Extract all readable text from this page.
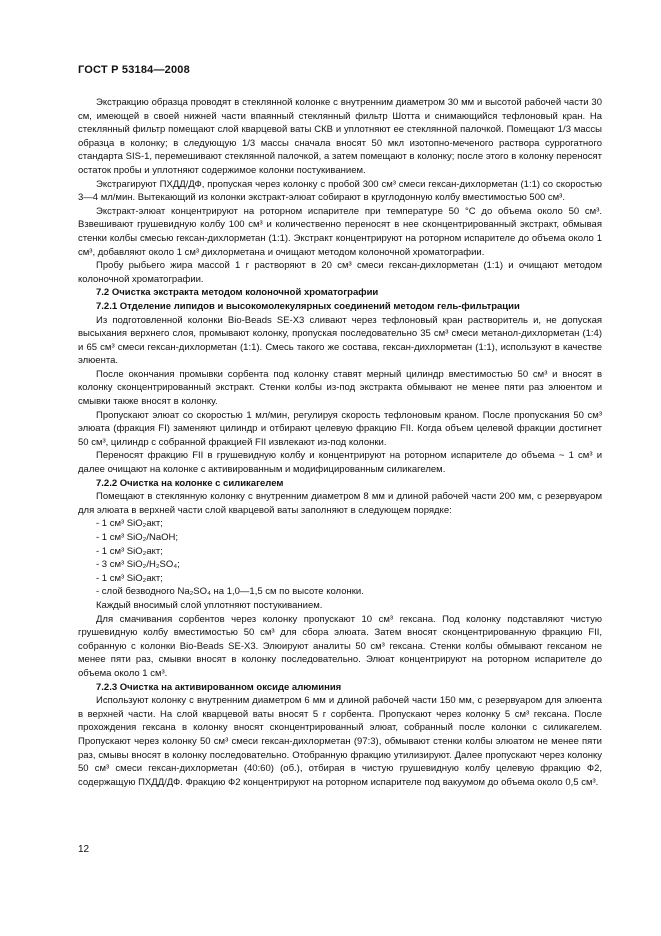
ГОСТ Р 53184—2008

Экстракцию образца проводят в стеклянной колонке с внутренним диаметром 30 мм и высотой рабочей части 30 см, имеющей в своей нижней части впаянный стеклянный фильтр Шотта и снимающийся тефлоновый кран. На стеклянный фильтр помещают слой кварцевой ваты СКВ и уплотняют ее стеклянной палочкой. Помещают 1/3 массы образца в колонку; в следующую 1/3 массы сначала вносят 50 мкл изотопно-меченого раствора суррогатного стандарта SIS-1, перемешивают стеклянной палочкой, а затем помещают в колонку; после этого в колонку переносят остаток пробы и уплотняют содержимое колонки постукиванием.

Экстрагируют ПХДД/ДФ, пропуская через колонку с пробой 300 см³ смеси гексан-дихлорметан (1:1) со скоростью 3—4 мл/мин. Вытекающий из колонки экстракт-элюат собирают в круглодонную колбу вместимостью 500 см³.

Экстракт-элюат концентрируют на роторном испарителе при температуре 50 °С до объема около 50 см³. Взвешивают грушевидную колбу 100 см³ и количественно переносят в нее сконцентрированный экстракт, обмывая стенки колбы смесью гексан-дихлорметан (1:1). Экстракт концентрируют на роторном испарителе до объема около 1 см³, добавляют около 1 см³ дихлорметана и очищают методом колоночной хроматографии.

Пробу рыбьего жира массой 1 г растворяют в 20 см³ смеси гексан-дихлорметан (1:1) и очищают методом колоночной хроматографии.

7.2 Очистка экстракта методом колоночной хроматографии

7.2.1 Отделение липидов и высокомолекулярных соединений методом гель-фильтрации

Из подготовленной колонки Bio-Beads SE-X3 сливают через тефлоновый кран растворитель и, не допуская высыхания верхнего слоя, промывают колонку, пропуская последовательно 35 см³ смеси метанол-дихлорметан (1:4) и 65 см³ смеси гексан-дихлорметан (1:1). Смесь такого же состава, гексан-дихлорметан (1:1), используют в качестве элюента.

После окончания промывки сорбента под колонку ставят мерный цилиндр вместимостью 50 см³ и вносят в колонку сконцентрированный экстракт. Стенки колбы из-под экстракта обмывают не менее пяти раз элюентом и смывки также вносят в колонку.

Пропускают элюат со скоростью 1 мл/мин, регулируя скорость тефлоновым краном. После пропускания 50 см³ элюата (фракция FI) заменяют цилиндр и отбирают целевую фракцию FII. Когда объем целевой фракции достигнет 50 см³, цилиндр с собранной фракцией FII извлекают из-под колонки.

Переносят фракцию FII в грушевидную колбу и концентрируют на роторном испарителе до объема ~ 1 см³ и далее очищают на колонке с активированным и модифицированным силикагелем.

7.2.2 Очистка на колонке с силикагелем

Помещают в стеклянную колонку с внутренним диаметром 8 мм и длиной рабочей части 200 мм, с резервуаром для элюата в верхней части слой кварцевой ваты заполняют в следующем порядке:

- 1 см³ SiO₂акт;

- 1 см³ SiO₂/NaOH;

- 1 см³ SiO₂акт;

- 3 см³ SiO₂/H₂SO₄;

- 1 см³ SiO₂акт;

- слой безводного Na₂SO₄ на 1,0—1,5 см по высоте колонки.

Каждый вносимый слой уплотняют постукиванием.

Для смачивания сорбентов через колонку пропускают 10 см³ гексана. Под колонку подставляют чистую грушевидную колбу вместимостью 50 см³ для сбора элюата. Затем вносят сконцентрированную фракцию FII, собранную с колонки Bio-Beads SE-X3. Элюируют аналиты 50 см³ гексана. Стенки колбы обмывают гексаном не менее пяти раз, смывки вносят в колонку последовательно. Элюат концентрируют на роторном испарителе до объема около 1 см³.

7.2.3 Очистка на активированном оксиде алюминия

Используют колонку с внутренним диаметром 6 мм и длиной рабочей части 150 мм, с резервуаром для элюента в верхней части. На слой кварцевой ваты вносят 5 г сорбента. Пропускают через колонку 5 см³ гексана. После прохождения гексана в колонку вносят сконцентрированный элюат, собранный после колонки с силикагелем. Пропускают через колонку 50 см³ смеси гексан-дихлорметан (97:3), обмывают стенки колбы элюатом не менее пяти раз, смывы вносят в колонку последовательно. Отобранную фракцию утилизируют. Далее пропускают через колонку 50 см³ смеси гексан-дихлорметан (40:60) (об.), отбирая в чистую грушевидную колбу целевую фракцию Ф2, содержащую ПХДД/ДФ. Фракцию Ф2 концентрируют на роторном испарителе под вакуумом до объема около 0,5 см³.

12
